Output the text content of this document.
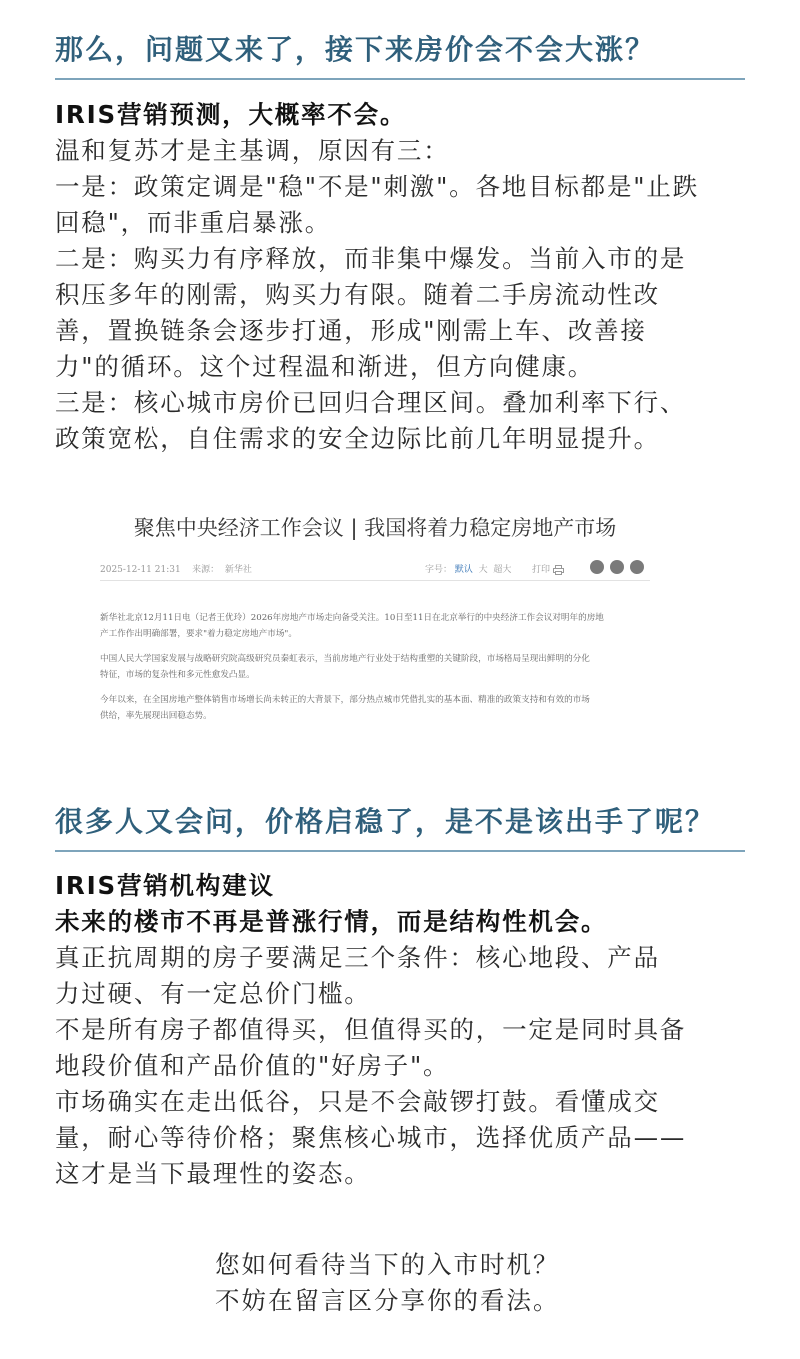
那么，问题又来了，接下来房价会不会大涨？
IRIS营销预测，大概率不会。
温和复苏才是主基调，原因有三：
一是：政策定调是"稳"不是"刺激"。各地目标都是"止跌
回稳"，而非重启暴涨。
二是：购买力有序释放，而非集中爆发。当前入市的是
积压多年的刚需，购买力有限。随着二手房流动性改
善，置换链条会逐步打通，形成"刚需上车、改善接
力"的循环。这个过程温和渐进，但方向健康。
三是：核心城市房价已回归合理区间。叠加利率下行、
政策宽松，自住需求的安全边际比前几年明显提升。
聚焦中央经济工作会议 | 我国将着力稳定房地产市场
2025-12-11 21:31 来源： 新华社	字号： 默认 大 超大 打印

新华社北京12月11日电（记者王优玲）2026年房地产市场走向备受关注。10日至11日在北京举行的中央经济工作会议对明年的房地
产工作作出明确部署，要求"着力稳定房地产市场"。

中国人民大学国家发展与战略研究院高级研究员秦虹表示，当前房地产行业处于结构重塑的关键阶段，市场格局呈现出鲜明的分化
特征，市场的复杂性和多元性愈发凸显。

今年以来，在全国房地产整体销售市场增长尚未转正的大背景下，部分热点城市凭借扎实的基本面、精准的政策支持和有效的市场
供给，率先展现出回稳态势。

很多人又会问，价格启稳了，是不是该出手了呢？
IRIS营销机构建议
未来的楼市不再是普涨行情，而是结构性机会。
真正抗周期的房子要满足三个条件：核心地段、产品
力过硬、有一定总价门槛。
不是所有房子都值得买，但值得买的，一定是同时具备
地段价值和产品价值的"好房子"。
市场确实在走出低谷，只是不会敲锣打鼓。看懂成交
量，耐心等待价格；聚焦核心城市，选择优质产品——
这才是当下最理性的姿态。
您如何看待当下的入市时机？
不妨在留言区分享你的看法。
